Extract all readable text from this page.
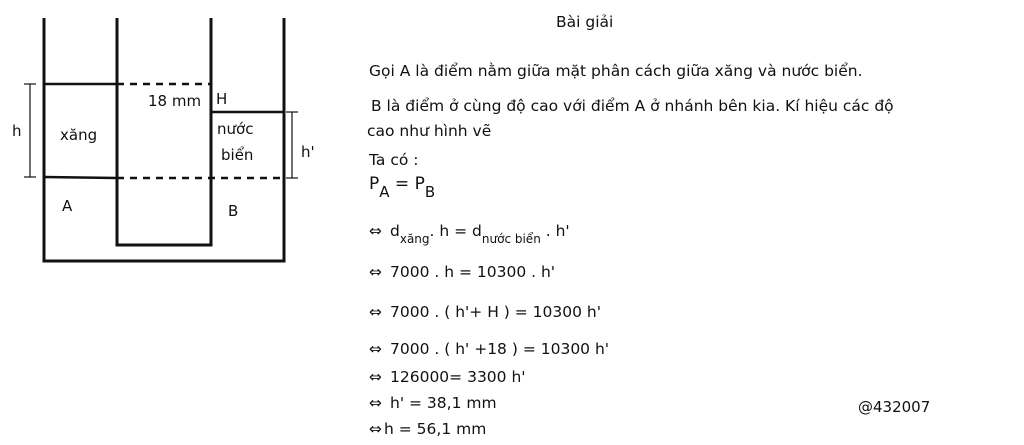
h	xăng
18 mm H
nước
biển	h'
A	B
Bài giải
Gọi A là điểm nằm giữa mặt phân cách giữa xăng và nước biển.
B là điểm ở cùng độ cao với điểm A ở nhánh bên kia. Kí hiệu các độ
cao như hình vẽ
Ta có :
PA = PB
⇔ $d_{xăng}$. $h = d_{nước biển}$ . h'
⇔ 7000 . h = 10300 . h'
⇔ 7000 . ( h'+ H ) = 10300 h'
⇔ 7000 . ( h' +18 ) = 10300 h'
⇔ 126000= 3300 h'
⇔ h' = 38,1 mm
⇔ h = 56,1 mm
@432007
